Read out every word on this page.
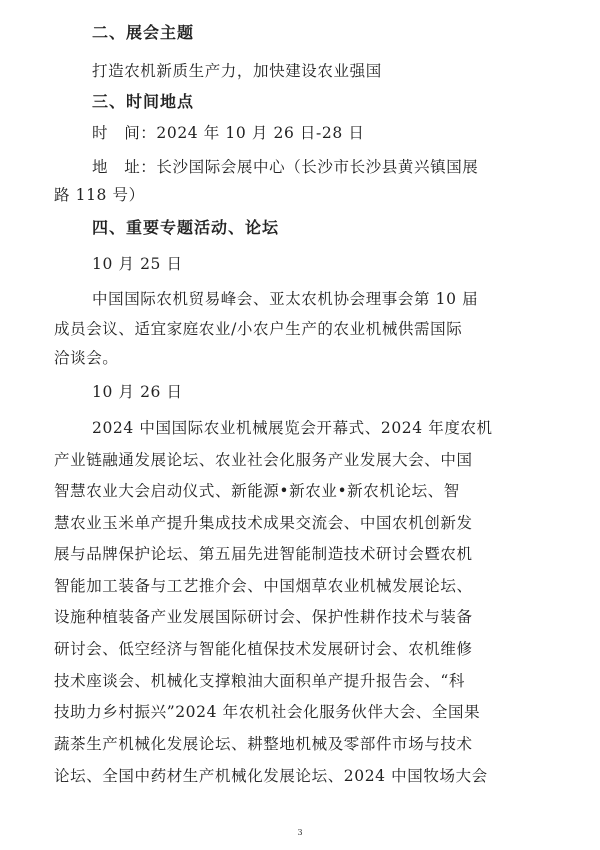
二、展会主题
打造农机新质生产力，加快建设农业强国
三、时间地点
时　间：2024 年 10 月 26 日-28 日
地　址：长沙国际会展中心（长沙市长沙县黄兴镇国展
路 118 号）
四、重要专题活动、论坛
10 月 25 日
中国国际农机贸易峰会、亚太农机协会理事会第 10 届
成员会议、适宜家庭农业/小农户生产的农业机械供需国际
洽谈会。
10 月 26 日
2024 中国国际农业机械展览会开幕式、2024 年度农机
产业链融通发展论坛、农业社会化服务产业发展大会、中国
智慧农业大会启动仪式、新能源•新农业•新农机论坛、智
慧农业玉米单产提升集成技术成果交流会、中国农机创新发
展与品牌保护论坛、第五届先进智能制造技术研讨会暨农机
智能加工装备与工艺推介会、中国烟草农业机械发展论坛、
设施种植装备产业发展国际研讨会、保护性耕作技术与装备
研讨会、低空经济与智能化植保技术发展研讨会、农机维修
技术座谈会、机械化支撑粮油大面积单产提升报告会、“科
技助力乡村振兴”2024 年农机社会化服务伙伴大会、全国果
蔬茶生产机械化发展论坛、耕整地机械及零部件市场与技术
论坛、全国中药材生产机械化发展论坛、2024 中国牧场大会
3
